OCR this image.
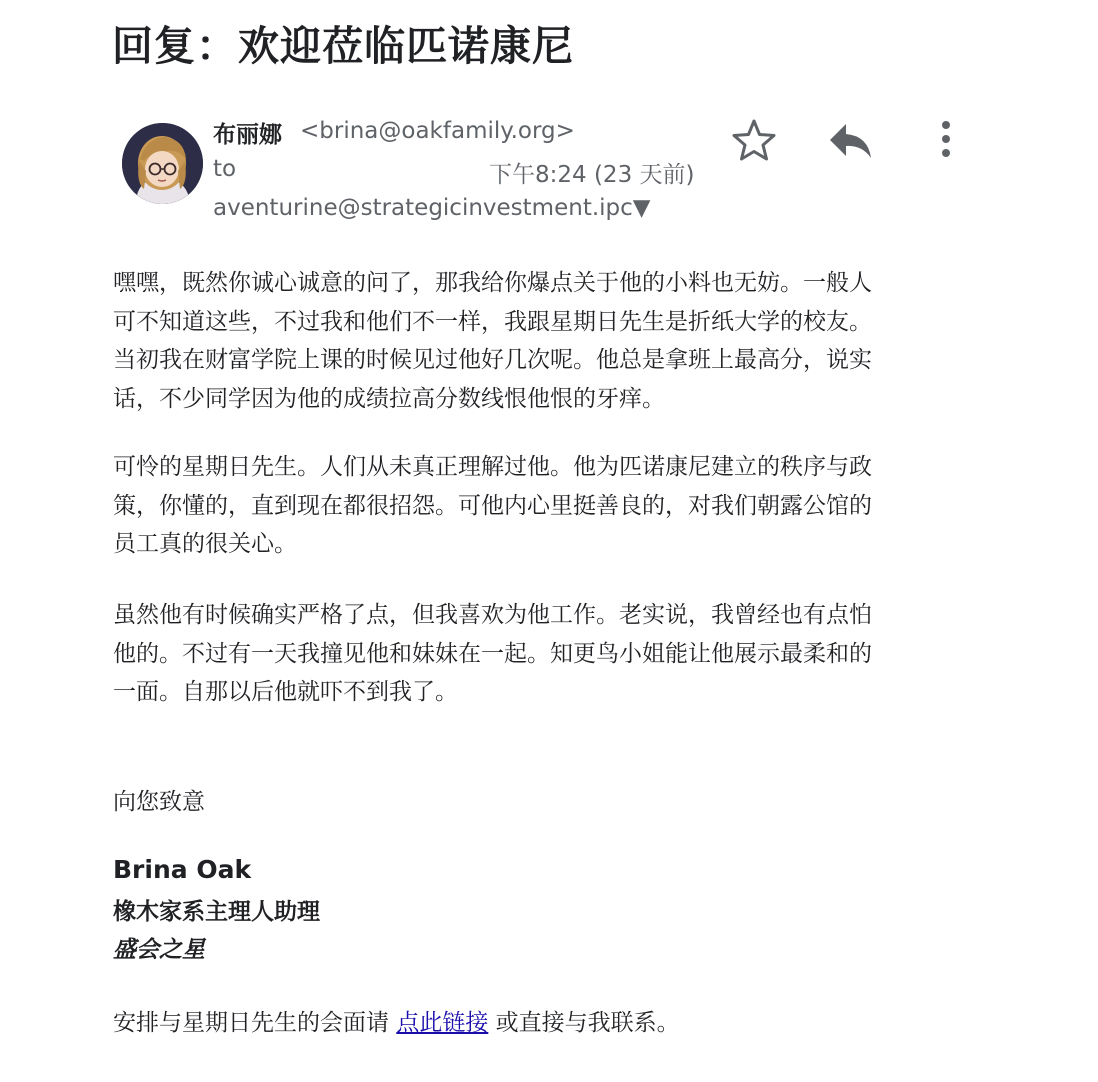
回复：欢迎莅临匹诺康尼
布丽娜 <brina@oakfamily.org>
to	下午8:24 (23 天前)
aventurine@strategicinvestment.ipc▼
嘿嘿，既然你诚心诚意的问了，那我给你爆点关于他的小料也无妨。一般人
可不知道这些，不过我和他们不一样，我跟星期日先生是折纸大学的校友。
当初我在财富学院上课的时候见过他好几次呢。他总是拿班上最高分，说实
话，不少同学因为他的成绩拉高分数线恨他恨的牙痒。
可怜的星期日先生。人们从未真正理解过他。他为匹诺康尼建立的秩序与政
策，你懂的，直到现在都很招怨。可他内心里挺善良的，对我们朝露公馆的
员工真的很关心。
虽然他有时候确实严格了点，但我喜欢为他工作。老实说，我曾经也有点怕
他的。不过有一天我撞见他和妹妹在一起。知更鸟小姐能让他展示最柔和的
一面。自那以后他就吓不到我了。
向您致意
Brina Oak
橡木家系主理人助理
盛会之星
安排与星期日先生的会面请 点此链接 或直接与我联系。
